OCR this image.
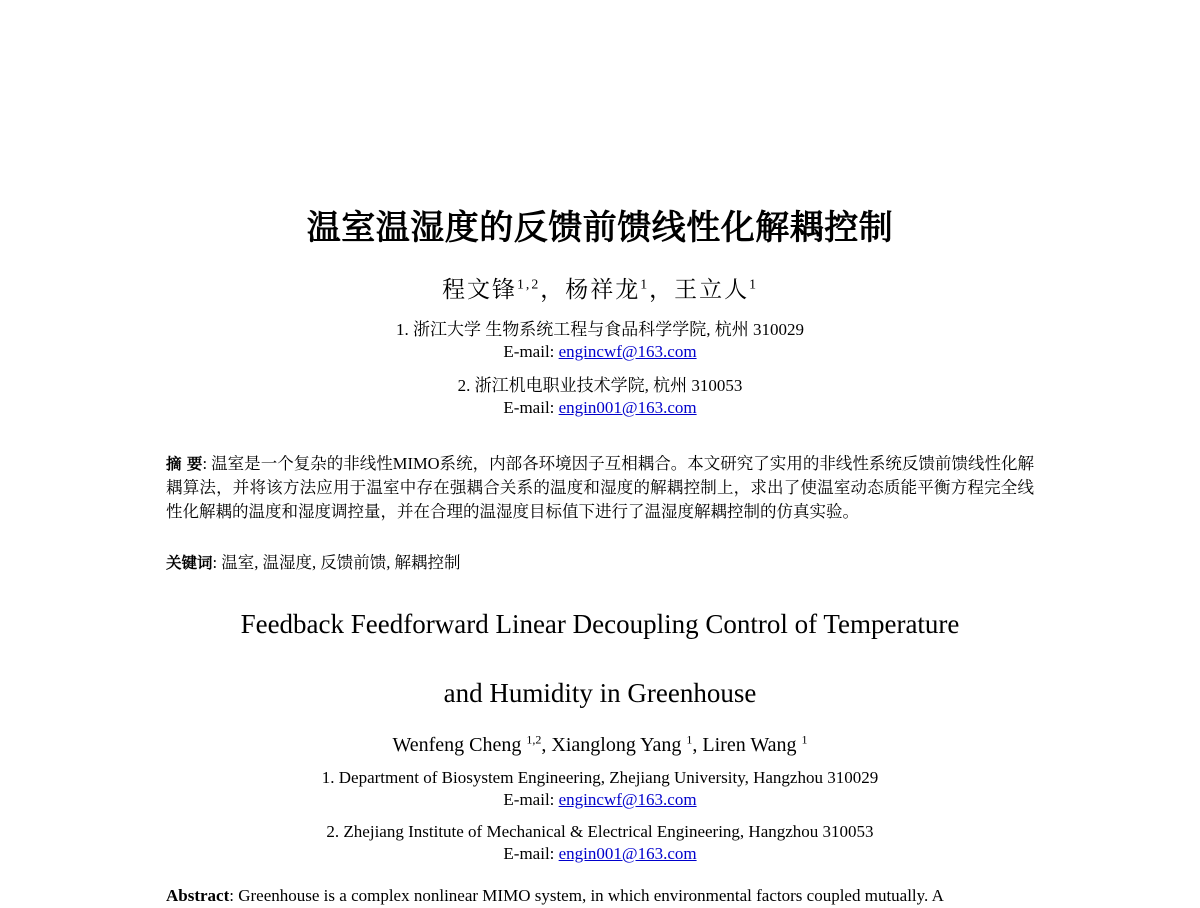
温室温湿度的反馈前馈线性化解耦控制
程文锋$^{1,2}$，杨祥龙$^1$，王立人$^1$
1. 浙江大学 生物系统工程与食品科学学院, 杭州 310029
E-mail: engincwf@163.com
2. 浙江机电职业技术学院, 杭州 310053
E-mail: engin001@163.com
摘 要: 温室是一个复杂的非线性MIMO系统，内部各环境因子互相耦合。本文研究了实用的非线性系统反馈前馈线性化解耦算法，并将该方法应用于温室中存在强耦合关系的温度和湿度的解耦控制上，求出了使温室动态质能平衡方程完全线性化解耦的温度和湿度调控量，并在合理的温湿度目标值下进行了温湿度解耦控制的仿真实验。
关键词: 温室, 温湿度, 反馈前馈, 解耦控制
Feedback Feedforward Linear Decoupling Control of Temperature
and Humidity in Greenhouse
Wenfeng Cheng $^{1,2}$, Xianglong Yang $^1$, Liren Wang $^1$
1. Department of Biosystem Engineering, Zhejiang University, Hangzhou 310029
E-mail: engincwf@163.com
2. Zhejiang Institute of Mechanical & Electrical Engineering, Hangzhou 310053
E-mail: engin001@163.com
Abstract: Greenhouse is a complex nonlinear MIMO system, in which environmental factors coupled mutually. A
